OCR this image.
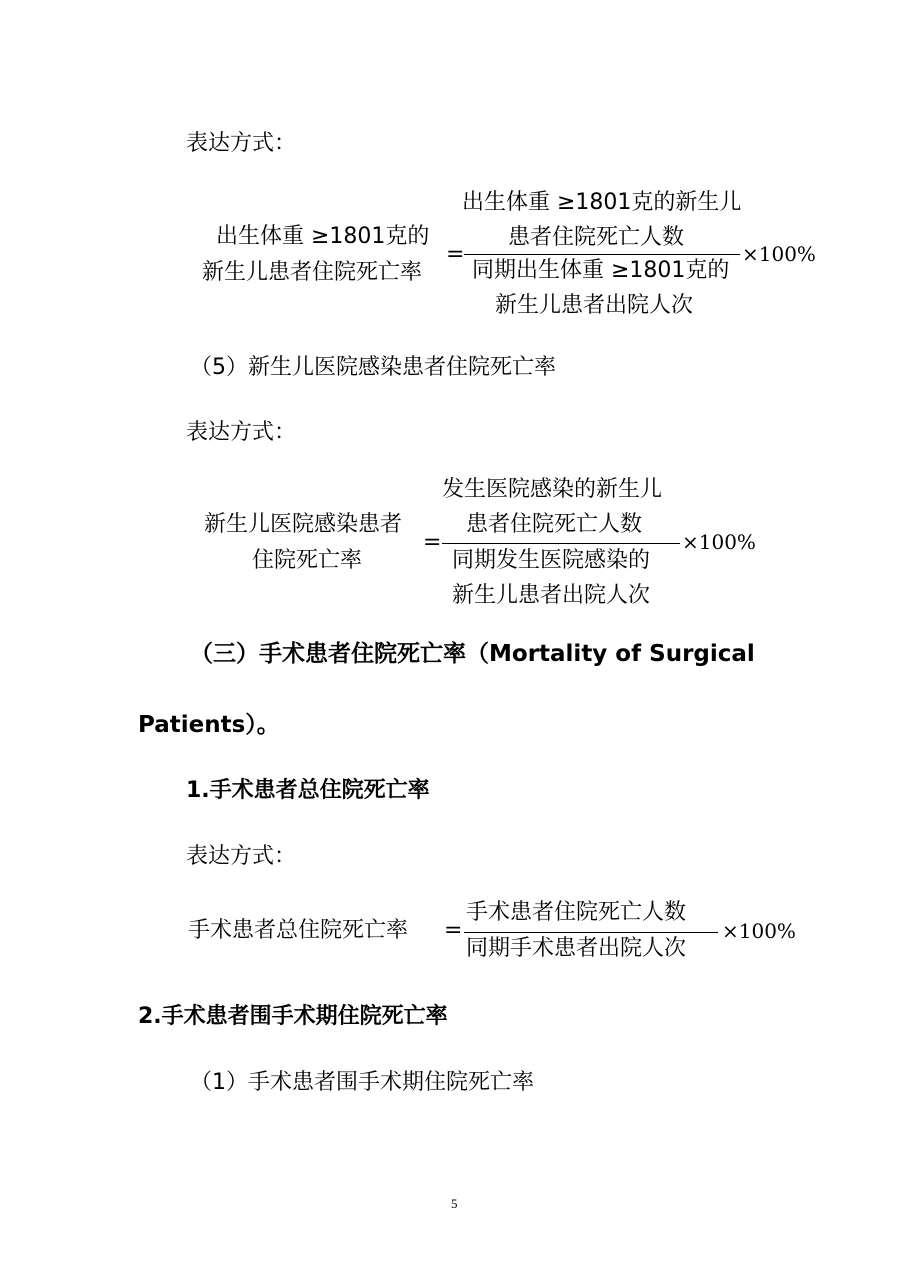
表达方式：
出生体重 ≥1801克的
新生儿患者住院死亡率
=
出生体重 ≥1801克的新生儿
患者住院死亡人数
同期出生体重 ≥1801克的
新生儿患者出院人次
×100%
（5）新生儿医院感染患者住院死亡率
表达方式：
新生儿医院感染患者
住院死亡率
=
发生医院感染的新生儿
患者住院死亡人数
同期发生医院感染的
新生儿患者出院人次
×100%
（三）手术患者住院死亡率（Mortality of Surgical
Patients）。
1.手术患者总住院死亡率
表达方式：
手术患者总住院死亡率 =
手术患者住院死亡人数
同期手术患者出院人次
×100%
2.手术患者围手术期住院死亡率
（1）手术患者围手术期住院死亡率
5
